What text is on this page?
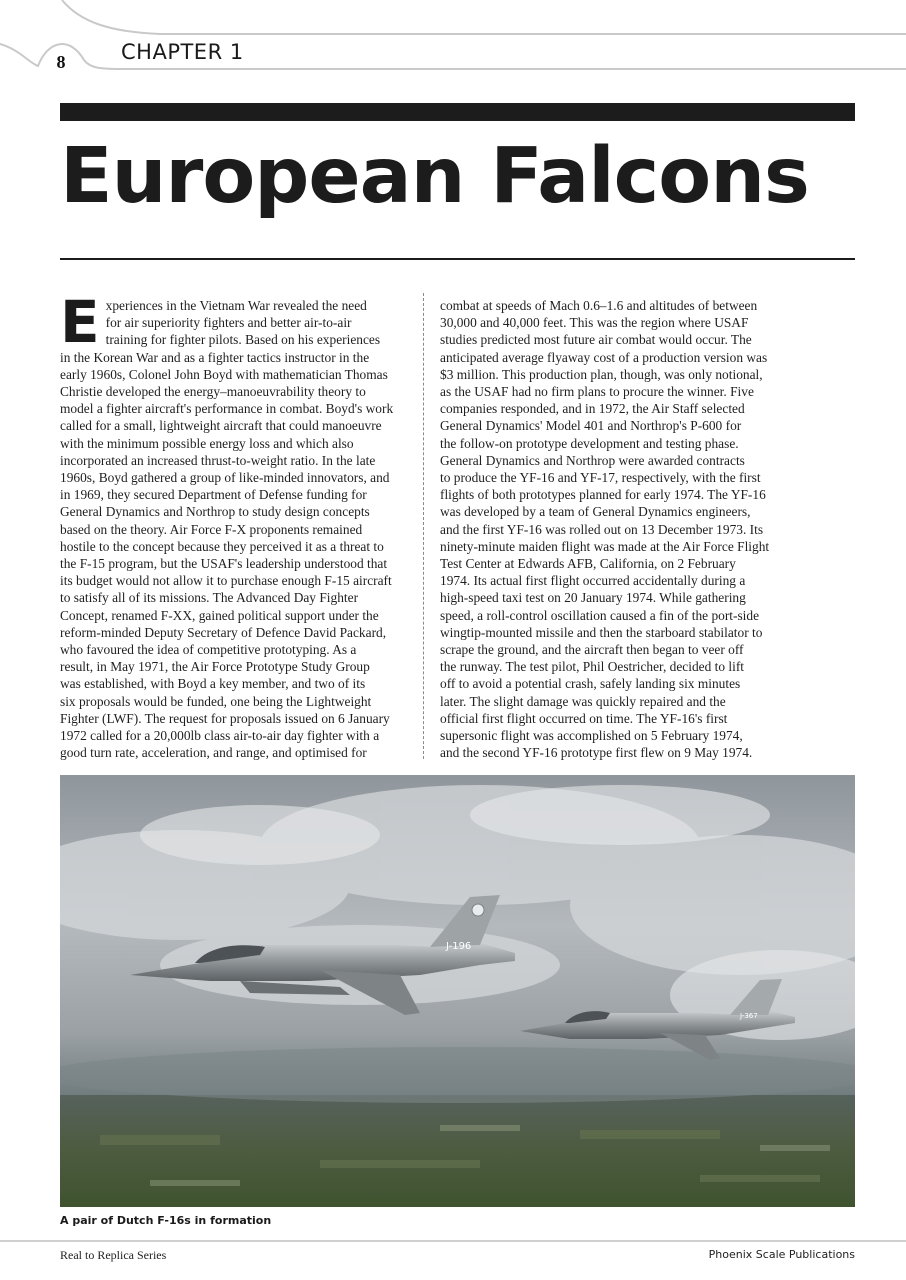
8	CHAPTER 1
European Falcons

E xperiences in the Vietnam War revealed the need
for air superiority fighters and better air-to-air
training for fighter pilots. Based on his experiences
in the Korean War and as a fighter tactics instructor in the
early 1960s, Colonel John Boyd with mathematician Thomas
Christie developed the energy–manoeuvrability theory to
model a fighter aircraft's performance in combat. Boyd's work
called for a small, lightweight aircraft that could manoeuvre
with the minimum possible energy loss and which also
incorporated an increased thrust-to-weight ratio. In the late
1960s, Boyd gathered a group of like-minded innovators, and
in 1969, they secured Department of Defense funding for
General Dynamics and Northrop to study design concepts
based on the theory. Air Force F-X proponents remained
hostile to the concept because they perceived it as a threat to
the F-15 program, but the USAF's leadership understood that
its budget would not allow it to purchase enough F-15 aircraft
to satisfy all of its missions. The Advanced Day Fighter
Concept, renamed F-XX, gained political support under the
reform-minded Deputy Secretary of Defence David Packard,
who favoured the idea of competitive prototyping. As a
result, in May 1971, the Air Force Prototype Study Group
was established, with Boyd a key member, and two of its
six proposals would be funded, one being the Lightweight
Fighter (LWF). The request for proposals issued on 6 January
1972 called for a 20,000lb class air-to-air day fighter with a
good turn rate, acceleration, and range, and optimised for

combat at speeds of Mach 0.6–1.6 and altitudes of between
30,000 and 40,000 feet. This was the region where USAF
studies predicted most future air combat would occur. The
anticipated average flyaway cost of a production version was
$3 million. This production plan, though, was only notional,
as the USAF had no firm plans to procure the winner. Five
companies responded, and in 1972, the Air Staff selected
General Dynamics' Model 401 and Northrop's P-600 for
the follow-on prototype development and testing phase.
General Dynamics and Northrop were awarded contracts
to produce the YF-16 and YF-17, respectively, with the first
flights of both prototypes planned for early 1974. The YF-16
was developed by a team of General Dynamics engineers,
and the first YF-16 was rolled out on 13 December 1973. Its
ninety-minute maiden flight was made at the Air Force Flight
Test Center at Edwards AFB, California, on 2 February
1974. Its actual first flight occurred accidentally during a
high-speed taxi test on 20 January 1974. While gathering
speed, a roll-control oscillation caused a fin of the port-side
wingtip-mounted missile and then the starboard stabilator to
scrape the ground, and the aircraft then began to veer off
the runway. The test pilot, Phil Oestricher, decided to lift
off to avoid a potential crash, safely landing six minutes
later. The slight damage was quickly repaired and the
official first flight occurred on time. The YF-16's first
supersonic flight was accomplished on 5 February 1974,
and the second YF-16 prototype first flew on 9 May 1974.

J-196
J-367
A pair of Dutch F-16s in formation
Real to Replica Series	Phoenix Scale Publications
